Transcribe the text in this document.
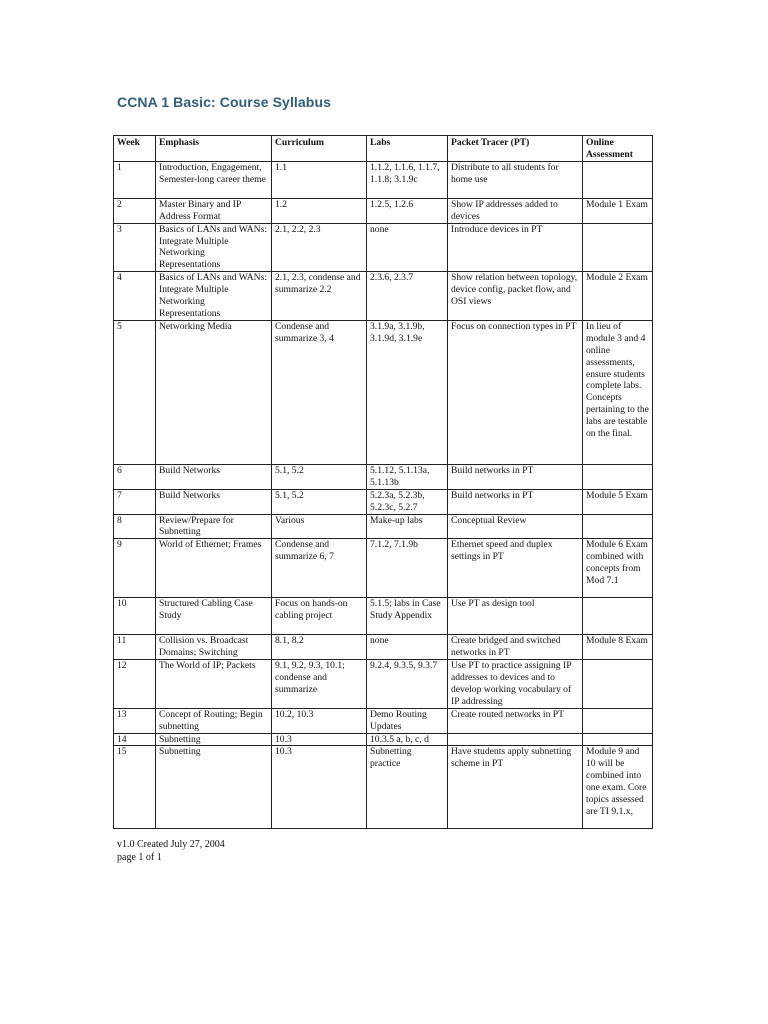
CCNA 1 Basic: Course Syllabus
Week	Emphasis	Curriculum	Labs	Packet Tracer (PT)	Online Assessment
1	Introduction, Engagement, Semester-long career theme	1.1	1.1.2, 1.1.6, 1.1.7, 1.1.8; 3.1.9c	Distribute to all students for home use	
2	Master Binary and IP Address Format	1.2	1.2.5, 1.2.6	Show IP addresses added to devices	Module 1 Exam
3	Basics of LANs and WANs: Integrate Multiple Networking Representations	2.1, 2.2, 2.3	none	Introduce devices in PT	
4	Basics of LANs and WANs: Integrate Multiple Networking Representations	2.1, 2.3, condense and summarize 2.2	2.3.6, 2.3.7	Show relation between topology, device config, packet flow, and OSI views	Module 2 Exam
5	Networking Media	Condense and summarize 3, 4	3.1.9a, 3.1.9b, 3.1.9d, 3.1.9e	Focus on connection types in PT	In lieu of module 3 and 4 online assessments, ensure students complete labs. Concepts pertaining to the labs are testable on the final.
6	Build Networks	5.1, 5.2	5.1.12, 5.1.13a, 5.1.13b	Build networks in PT	
7	Build Networks	5.1, 5.2	5.2.3a, 5.2.3b, 5.2.3c, 5.2.7	Build networks in PT	Module 5 Exam
8	Review/Prepare for Subnetting	Various	Make-up labs	Conceptual Review	
9	World of Ethernet; Frames	Condense and summarize 6, 7	7.1.2, 7.1.9b	Ethernet speed and duplex settings in PT	Module 6 Exam combined with concepts from Mod 7.1
10	Structured Cabling Case Study	Focus on hands-on cabling project	5.1.5; labs in Case Study Appendix	Use PT as design tool	
11	Collision vs. Broadcast Domains; Switching	8.1, 8.2	none	Create bridged and switched networks in PT	Module 8 Exam
12	The World of IP; Packets	9.1, 9.2, 9.3, 10.1; condense and summarize	9.2.4, 9.3.5, 9.3.7	Use PT to practice assigning IP addresses to devices and to develop working vocabulary of IP addressing	
13	Concept of Routing; Begin subnetting	10.2, 10.3	Demo Routing Updates	Create routed networks in PT	
14	Subnetting	10.3	10.3.5 a, b, c, d		
15	Subnetting	10.3	Subnetting practice	Have students apply subnetting scheme in PT	Module 9 and 10 will be combined into one exam. Core topics assessed are TI 9.1.x,
v1.0 Created July 27, 2004
page 1 of 1
